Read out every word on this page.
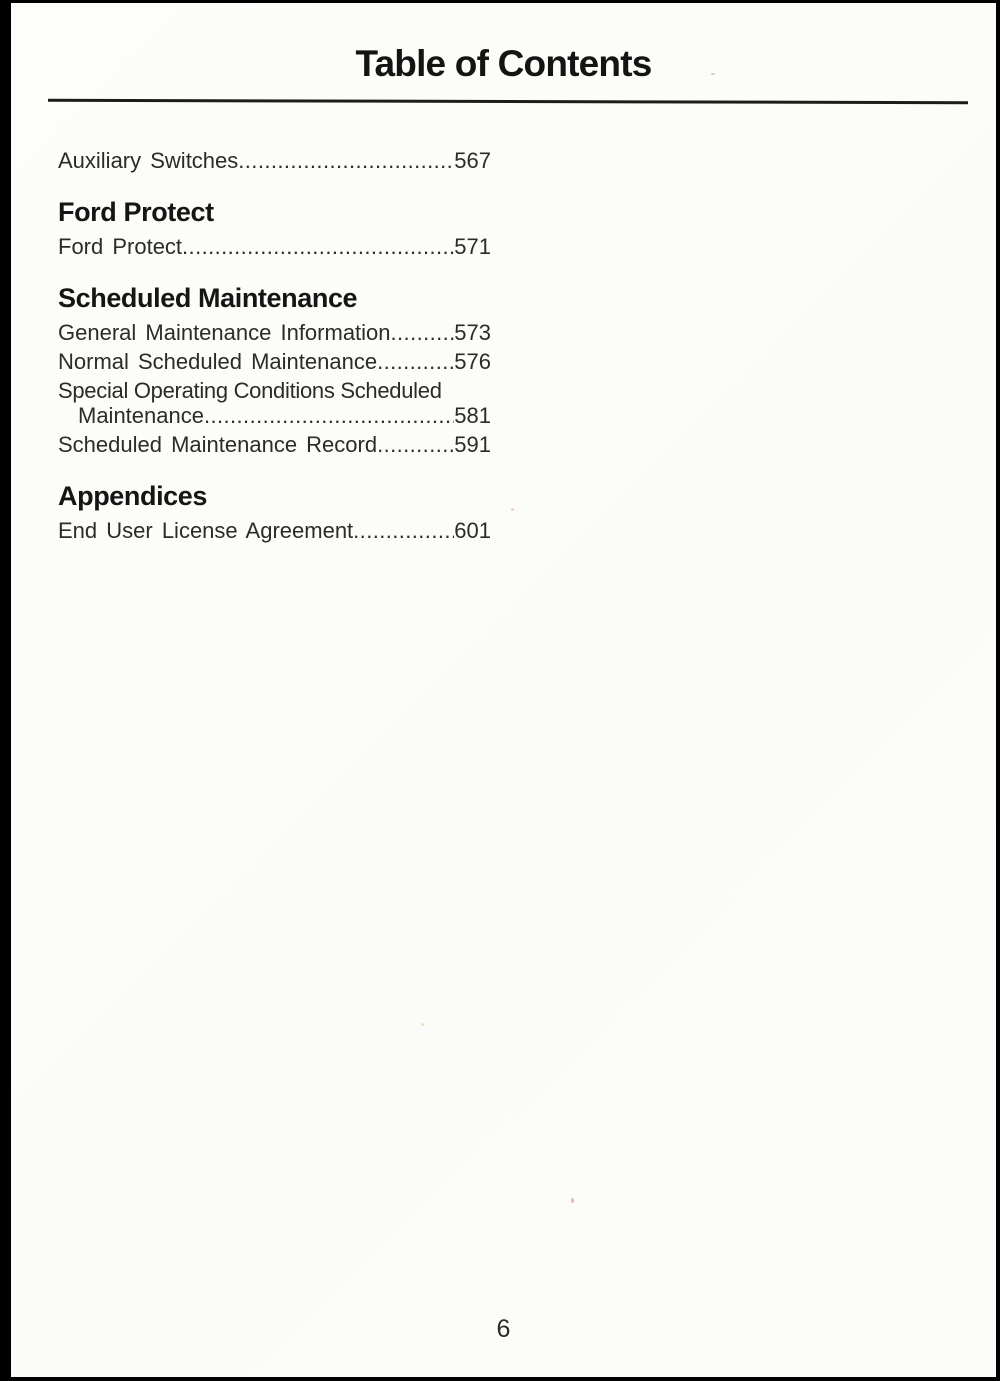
Table of Contents
Auxiliary Switches .....	567
Ford Protect
Ford Protect .....	571
Scheduled Maintenance
General Maintenance Information .....	573
Normal Scheduled Maintenance .....	576
Special Operating Conditions Scheduled
Maintenance .....	581
Scheduled Maintenance Record .....	591
Appendices
End User License Agreement .....	601
6
